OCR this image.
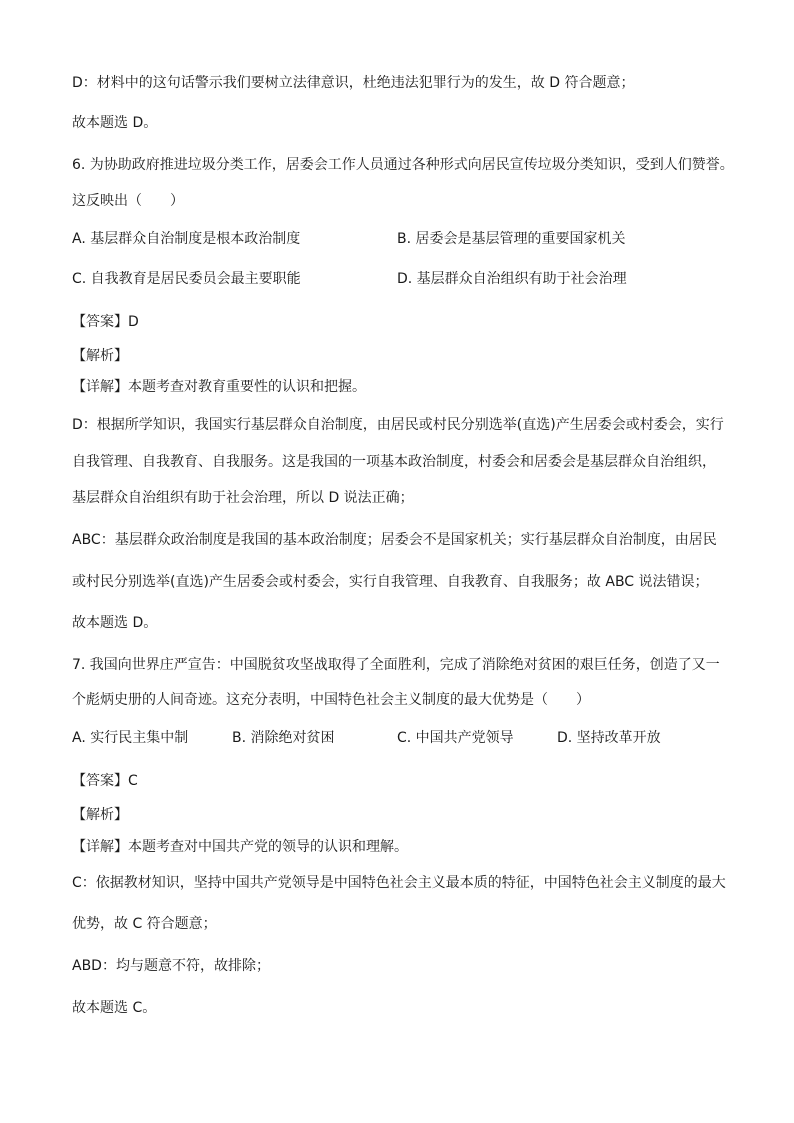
D：材料中的这句话警示我们要树立法律意识，杜绝违法犯罪行为的发生，故 D 符合题意；
故本题选 D。
6. 为协助政府推进垃圾分类工作，居委会工作人员通过各种形式向居民宣传垃圾分类知识，受到人们赞誉。
这反映出（　　）
A. 基层群众自治制度是根本政治制度	B. 居委会是基层管理的重要国家机关
C. 自我教育是居民委员会最主要职能	D. 基层群众自治组织有助于社会治理
【答案】D
【解析】
【详解】本题考查对教育重要性的认识和把握。
D：根据所学知识，我国实行基层群众自治制度，由居民或村民分别选举(直选)产生居委会或村委会，实行
自我管理、自我教育、自我服务。这是我国的一项基本政治制度，村委会和居委会是基层群众自治组织，
基层群众自治组织有助于社会治理，所以 D 说法正确；
ABC：基层群众政治制度是我国的基本政治制度；居委会不是国家机关；实行基层群众自治制度，由居民
或村民分别选举(直选)产生居委会或村委会，实行自我管理、自我教育、自我服务；故 ABC 说法错误；
故本题选 D。
7. 我国向世界庄严宣告：中国脱贫攻坚战取得了全面胜利，完成了消除绝对贫困的艰巨任务，创造了又一
个彪炳史册的人间奇迹。这充分表明，中国特色社会主义制度的最大优势是（　　）
A. 实行民主集中制	B. 消除绝对贫困	C. 中国共产党领导	D. 坚持改革开放
【答案】C
【解析】
【详解】本题考查对中国共产党的领导的认识和理解。
C：依据教材知识，坚持中国共产党领导是中国特色社会主义最本质的特征，中国特色社会主义制度的最大
优势，故 C 符合题意；
ABD：均与题意不符，故排除；
故本题选 C。
